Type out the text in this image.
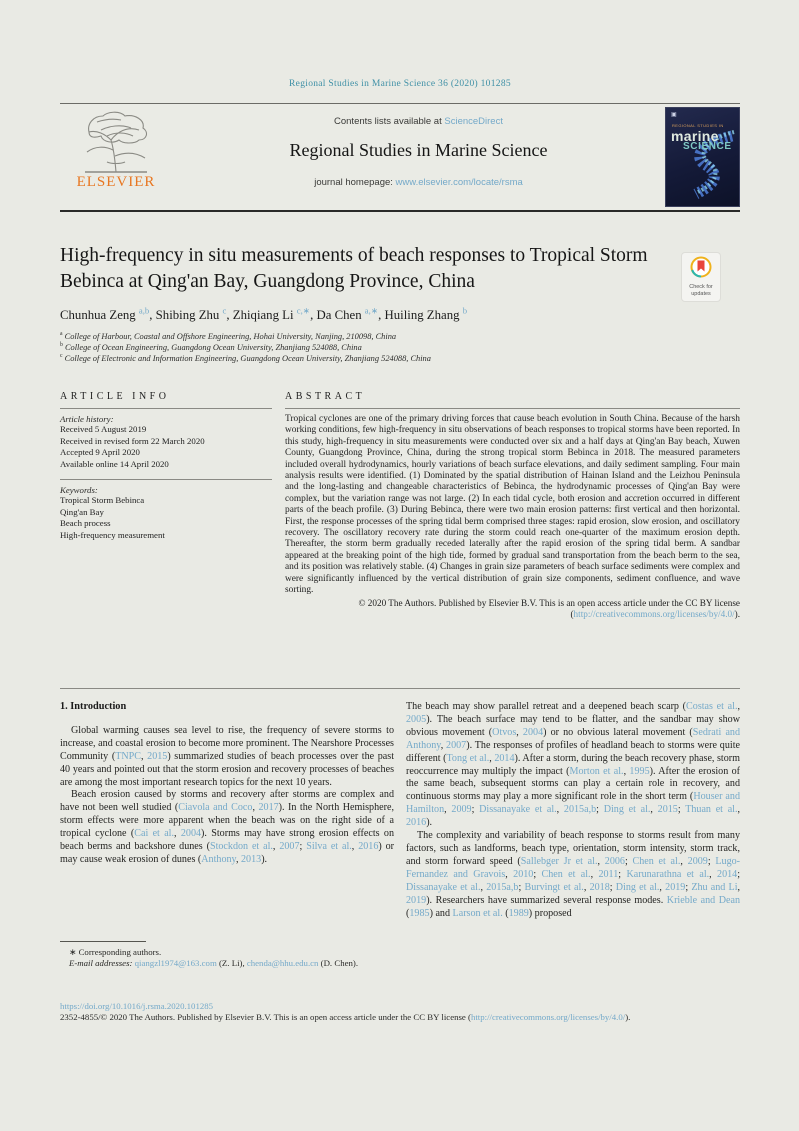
Regional Studies in Marine Science 36 (2020) 101285
ELSEVIER
Contents lists available at ScienceDirect
Regional Studies in Marine Science
journal homepage: www.elsevier.com/locate/rsma
▣
REGIONAL STUDIES IN
marine
SCIENCE
High-frequency in situ measurements of beach responses to Tropical Storm Bebinca at Qing'an Bay, Guangdong Province, China	Check for
updates
Chunhua Zeng $^{a,b}$, Shibing Zhu $^c$, Zhiqiang Li $^{c,∗}$, Da Chen $^{a,∗}$, Huiling Zhang $^b$
$^a$ College of Harbour, Coastal and Offshore Engineering, Hohai University, Nanjing, 210098, China
$^b$ College of Ocean Engineering, Guangdong Ocean University, Zhanjiang 524088, China
$^c$ College of Electronic and Information Engineering, Guangdong Ocean University, Zhanjiang 524088, China
ARTICLE INFO
Article history:
Received 5 August 2019
Received in revised form 22 March 2020
Accepted 9 April 2020
Available online 14 April 2020
Keywords:
Tropical Storm Bebinca
Qing'an Bay
Beach process
High-frequency measurement
ABSTRACT
Tropical cyclones are one of the primary driving forces that cause beach evolution in South China. Because of the harsh working conditions, few high-frequency in situ observations of beach responses to tropical storms have been reported. In this study, high-frequency in situ measurements were conducted over six and a half days at Qing'an Bay beach, Xuwen County, Guangdong Province, China, during the strong tropical storm Bebinca in 2018. The measured parameters included overall hydrodynamics, hourly variations of beach surface elevations, and daily sediment sampling. Four main analysis results were identified. (1) Dominated by the spatial distribution of Hainan Island and the Leizhou Peninsula and the long-lasting and changeable characteristics of Bebinca, the hydrodynamic processes of Qing'an Bay were complex, but the variation range was not large. (2) In each tidal cycle, both erosion and accretion occurred in different parts of the beach profile. (3) During Bebinca, there were two main erosion patterns: first vertical and then horizontal. First, the response processes of the spring tidal berm comprised three stages: rapid erosion, slow erosion, and oscillatory recovery. The oscillatory recovery rate during the storm could reach one-quarter of the maximum erosion depth. Thereafter, the storm berm gradually receded laterally after the rapid erosion of the spring tidal berm. A sandbar appeared at the breaking point of the high tide, formed by gradual sand transportation from the beach berm to the sea, and its position was relatively stable. (4) Changes in grain size parameters of beach surface sediments were complex and were significantly influenced by the vertical distribution of grain size components, sediment confluence, and wave sorting.
© 2020 The Authors. Published by Elsevier B.V. This is an open access article under the CC BY license
(http://creativecommons.org/licenses/by/4.0/).
1. Introduction

Global warming causes sea level to rise, the frequency of severe storms to increase, and coastal erosion to become more prominent. The Nearshore Processes Community (TNPC, 2015) summarized studies of beach processes over the past 40 years and pointed out that the storm erosion and recovery processes of beaches are among the most important research topics for the next 10 years.

Beach erosion caused by storms and recovery after storms are complex and have not been well studied (Ciavola and Coco, 2017). In the North Hemisphere, storm effects were more apparent when the beach was on the right side of a tropical cyclone (Cai et al., 2004). Storms may have strong erosion effects on beach berms and backshore dunes (Stockdon et al., 2007; Silva et al., 2016) or may cause weak erosion of dunes (Anthony, 2013).

The beach may show parallel retreat and a deepened beach scarp (Costas et al., 2005). The beach surface may tend to be flatter, and the sandbar may show obvious movement (Otvos, 2004) or no obvious lateral movement (Sedrati and Anthony, 2007). The responses of profiles of headland beach to storms were quite different (Tong et al., 2014). After a storm, during the beach recovery phase, storm reoccurrence may multiply the impact (Morton et al., 1995). After the erosion of the same beach, subsequent storms can play a certain role in recovery, and continuous storms may play a more significant role in the short term (Houser and Hamilton, 2009; Dissanayake et al., 2015a,b; Ding et al., 2015; Thuan et al., 2016).

The complexity and variability of beach response to storms result from many factors, such as landforms, beach type, orientation, storm intensity, storm track, and storm forward speed (Sallebger Jr et al., 2006; Chen et al., 2009; Lugo-Fernandez and Gravois, 2010; Chen et al., 2011; Karunarathna et al., 2014; Dissanayake et al., 2015a,b; Burvingt et al., 2018; Ding et al., 2019; Zhu and Li, 2019). Researchers have summarized several response modes. Krieble and Dean (1985) and Larson et al. (1989) proposed

∗ Corresponding authors.
E-mail addresses: qiangzl1974@163.com (Z. Li), chenda@hhu.edu.cn (D. Chen).
https://doi.org/10.1016/j.rsma.2020.101285
2352-4855/© 2020 The Authors. Published by Elsevier B.V. This is an open access article under the CC BY license (http://creativecommons.org/licenses/by/4.0/).
